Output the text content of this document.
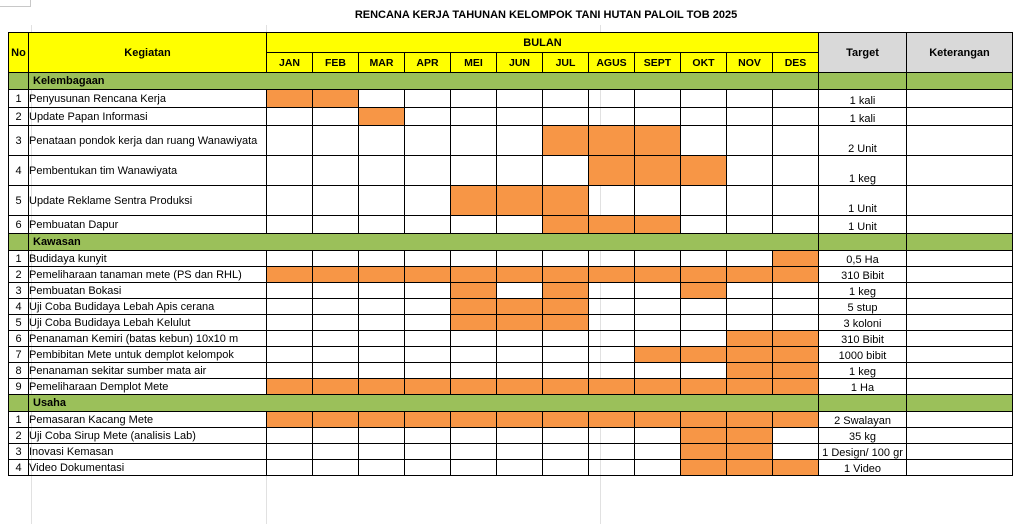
RENCANA KERJA TAHUNAN KELOMPOK TANI HUTAN PALOIL TOB 2025
No	Kegiatan	BULAN												Target	Keterangan
		JAN	FEB	MAR	APR	MEI	JUN	JUL	AGUS	SEPT	OKT	NOV	DES		
	Kelembagaan														
1	Penyusunan Rencana Kerja													1 kali	
2	Update Papan Informasi													1 kali	
3	Penataan pondok kerja dan ruang Wanawiyata													2 Unit	
4	Pembentukan tim Wanawiyata													1 keg	
5	Update Reklame Sentra Produksi													1 Unit	
6	Pembuatan Dapur													1 Unit	
	Kawasan														
1	Budidaya kunyit													0,5 Ha	
2	Pemeliharaan tanaman mete (PS dan RHL)													310 Bibit	
3	Pembuatan Bokasi													1 keg	
4	Uji Coba Budidaya Lebah Apis cerana													5 stup	
5	Uji Coba Budidaya Lebah Kelulut													3 koloni	
6	Penanaman Kemiri (batas kebun) 10x10 m													310 Bibit	
7	Pembibitan Mete untuk demplot kelompok													1000 bibit	
8	Penanaman sekitar sumber mata air													1 keg	
9	Pemeliharaan Demplot Mete													1 Ha	
	Usaha														
1	Pemasaran Kacang Mete													2 Swalayan	
2	Uji Coba Sirup Mete (analisis Lab)													35 kg	
3	Inovasi Kemasan													1 Design/ 100 gr	
4	Video Dokumentasi													1 Video	
